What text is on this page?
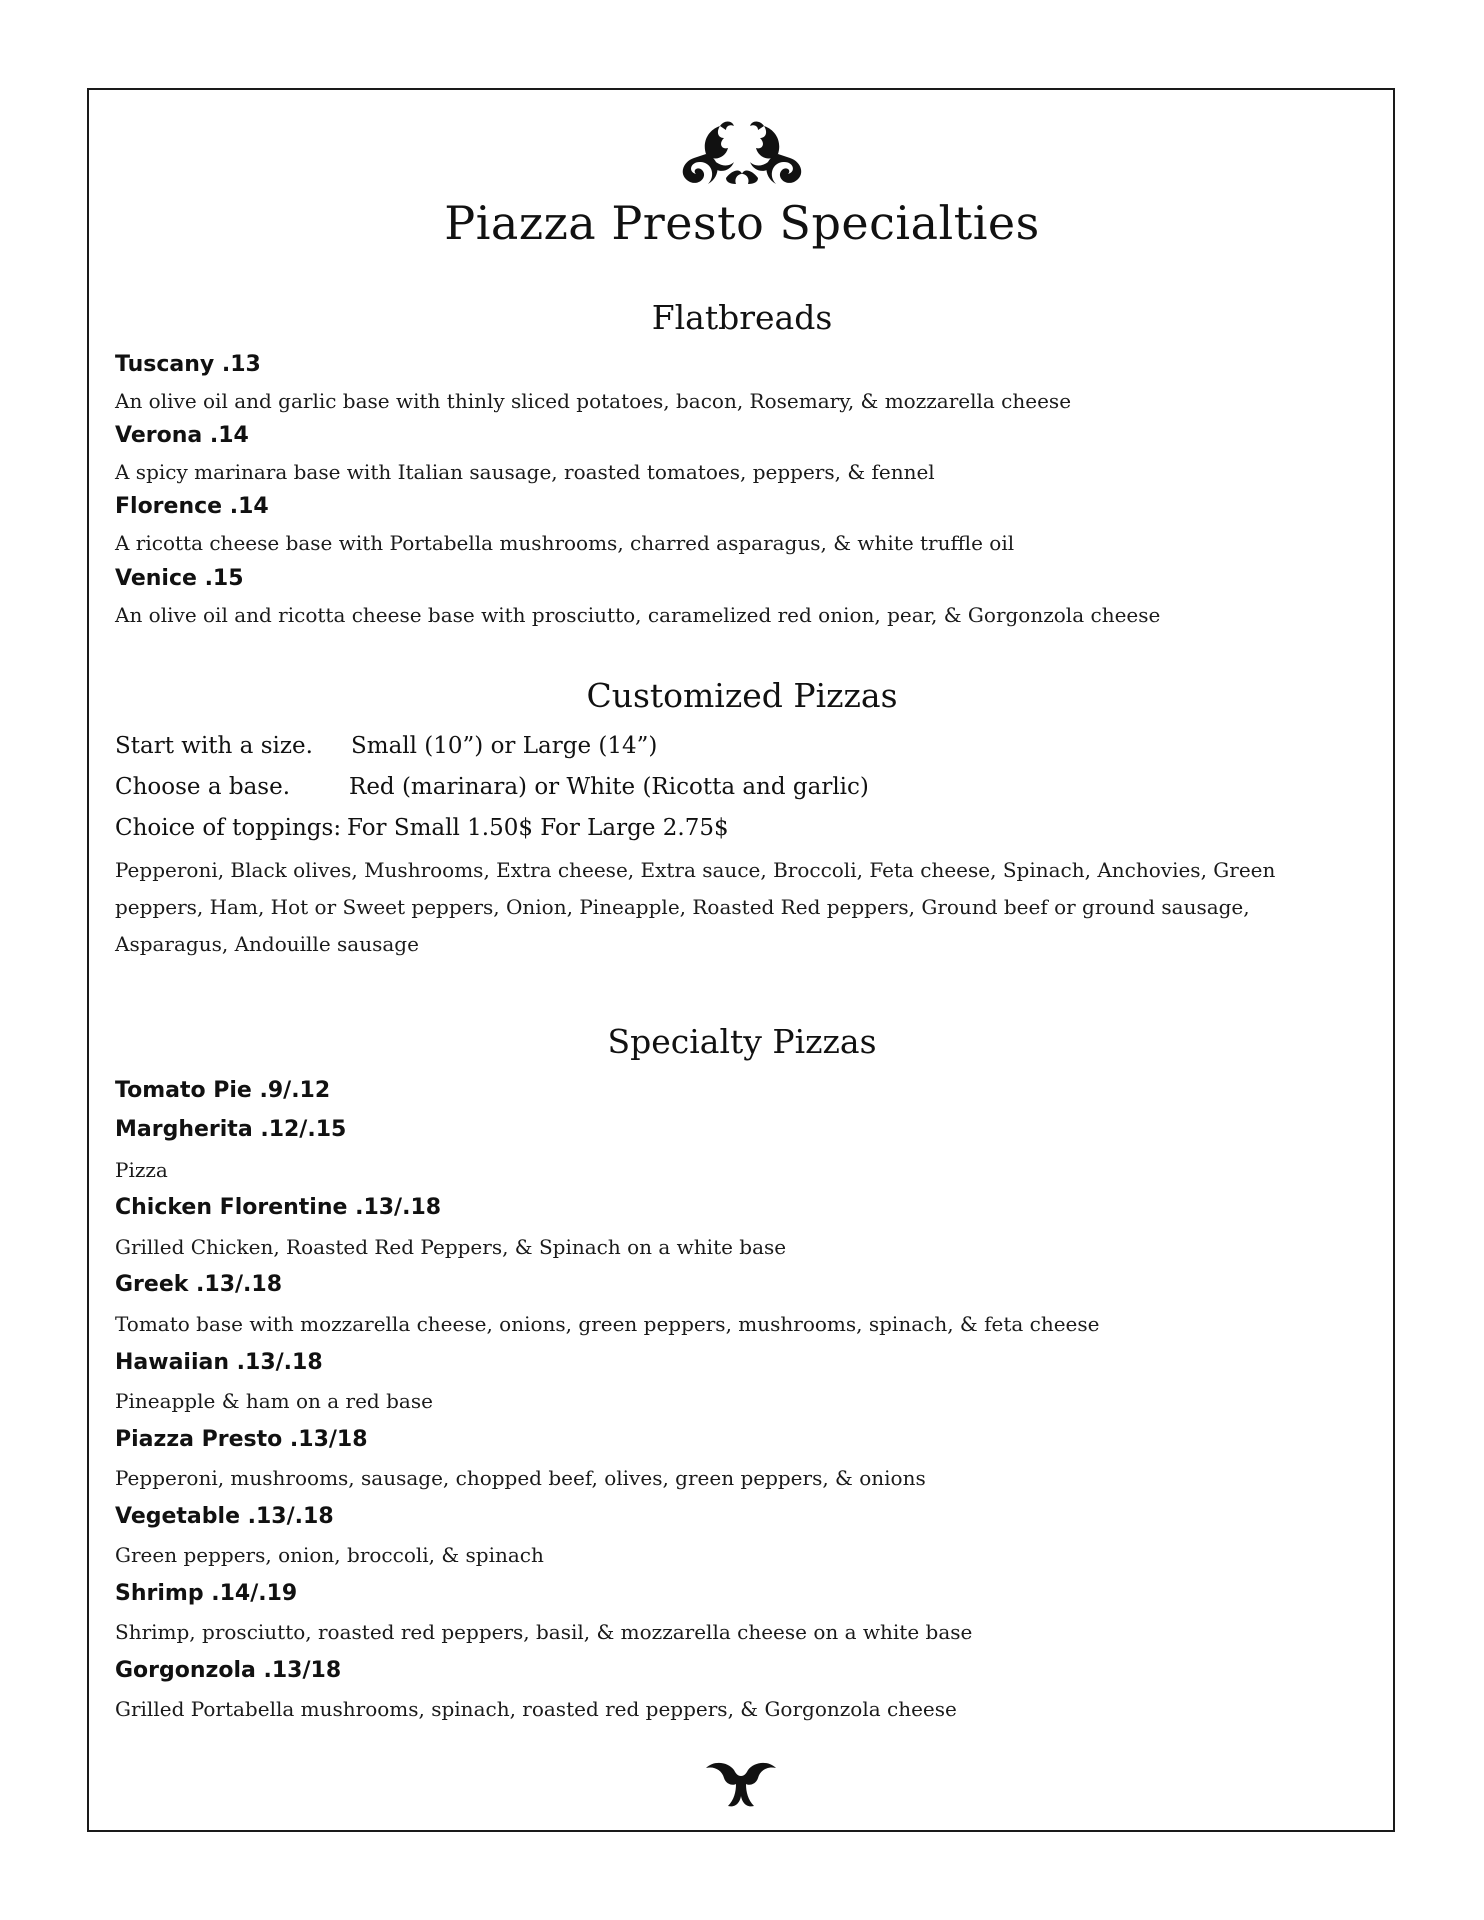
Piazza Presto Specialties
Flatbreads
Tuscany .13
An olive oil and garlic base with thinly sliced potatoes, bacon, Rosemary, & mozzarella cheese
Verona .14
A spicy marinara base with Italian sausage, roasted tomatoes, peppers, & fennel
Florence .14
A ricotta cheese base with Portabella mushrooms, charred asparagus, & white truffle oil
Venice .15
An olive oil and ricotta cheese base with prosciutto, caramelized red onion, pear, & Gorgonzola cheese
Customized Pizzas
Start with a size. Small (10”) or Large (14”)
Choose a base.	Red (marinara) or White (Ricotta and garlic)
Choice of toppings: For Small 1.50$ For Large 2.75$
Pepperoni, Black olives, Mushrooms, Extra cheese, Extra sauce, Broccoli, Feta cheese, Spinach, Anchovies, Green peppers, Ham, Hot or Sweet peppers, Onion, Pineapple, Roasted Red peppers, Ground beef or ground sausage, Asparagus, Andouille sausage
Specialty Pizzas
Tomato Pie .9/.12
Margherita .12/.15
Pizza
Chicken Florentine .13/.18
Grilled Chicken, Roasted Red Peppers, & Spinach on a white base
Greek .13/.18
Tomato base with mozzarella cheese, onions, green peppers, mushrooms, spinach, & feta cheese
Hawaiian .13/.18
Pineapple & ham on a red base
Piazza Presto .13/18
Pepperoni, mushrooms, sausage, chopped beef, olives, green peppers, & onions
Vegetable .13/.18
Green peppers, onion, broccoli, & spinach
Shrimp .14/.19
Shrimp, prosciutto, roasted red peppers, basil, & mozzarella cheese on a white base
Gorgonzola .13/18
Grilled Portabella mushrooms, spinach, roasted red peppers, & Gorgonzola cheese
